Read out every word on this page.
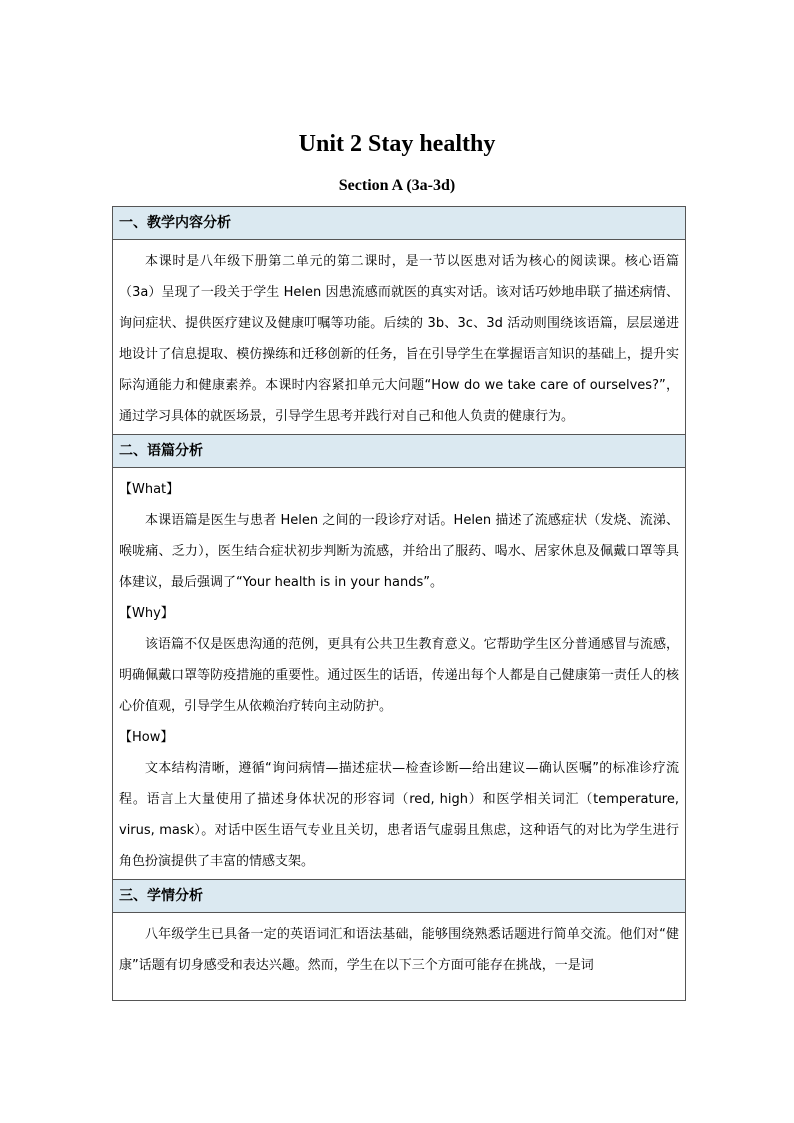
Unit 2 Stay healthy
Section A (3a-3d)
一、教学内容分析

本课时是八年级下册第二单元的第二课时，是一节以医患对话为核心的阅读课。核心语篇（3a）呈现了一段关于学生 Helen 因患流感而就医的真实对话。该对话巧妙地串联了描述病情、询问症状、提供医疗建议及健康叮嘱等功能。后续的 3b、3c、3d 活动则围绕该语篇，层层递进地设计了信息提取、模仿操练和迁移创新的任务，旨在引导学生在掌握语言知识的基础上，提升实际沟通能力和健康素养。本课时内容紧扣单元大问题“How do we take care of ourselves?”，通过学习具体的就医场景，引导学生思考并践行对自己和他人负责的健康行为。

二、语篇分析

【What】

本课语篇是医生与患者 Helen 之间的一段诊疗对话。Helen 描述了流感症状（发烧、流涕、喉咙痛、乏力），医生结合症状初步判断为流感，并给出了服药、喝水、居家休息及佩戴口罩等具体建议，最后强调了“Your health is in your hands”。

【Why】

该语篇不仅是医患沟通的范例，更具有公共卫生教育意义。它帮助学生区分普通感冒与流感，明确佩戴口罩等防疫措施的重要性。通过医生的话语，传递出每个人都是自己健康第一责任人的核心价值观，引导学生从依赖治疗转向主动防护。

【How】

文本结构清晰，遵循“询问病情—描述症状—检查诊断—给出建议—确认医嘱”的标准诊疗流程。语言上大量使用了描述身体状况的形容词（red, high）和医学相关词汇（temperature, virus, mask）。对话中医生语气专业且关切，患者语气虚弱且焦虑，这种语气的对比为学生进行角色扮演提供了丰富的情感支架。

三、学情分析

八年级学生已具备一定的英语词汇和语法基础，能够围绕熟悉话题进行简单交流。他们对“健康”话题有切身感受和表达兴趣。然而，学生在以下三个方面可能存在挑战，一是词
